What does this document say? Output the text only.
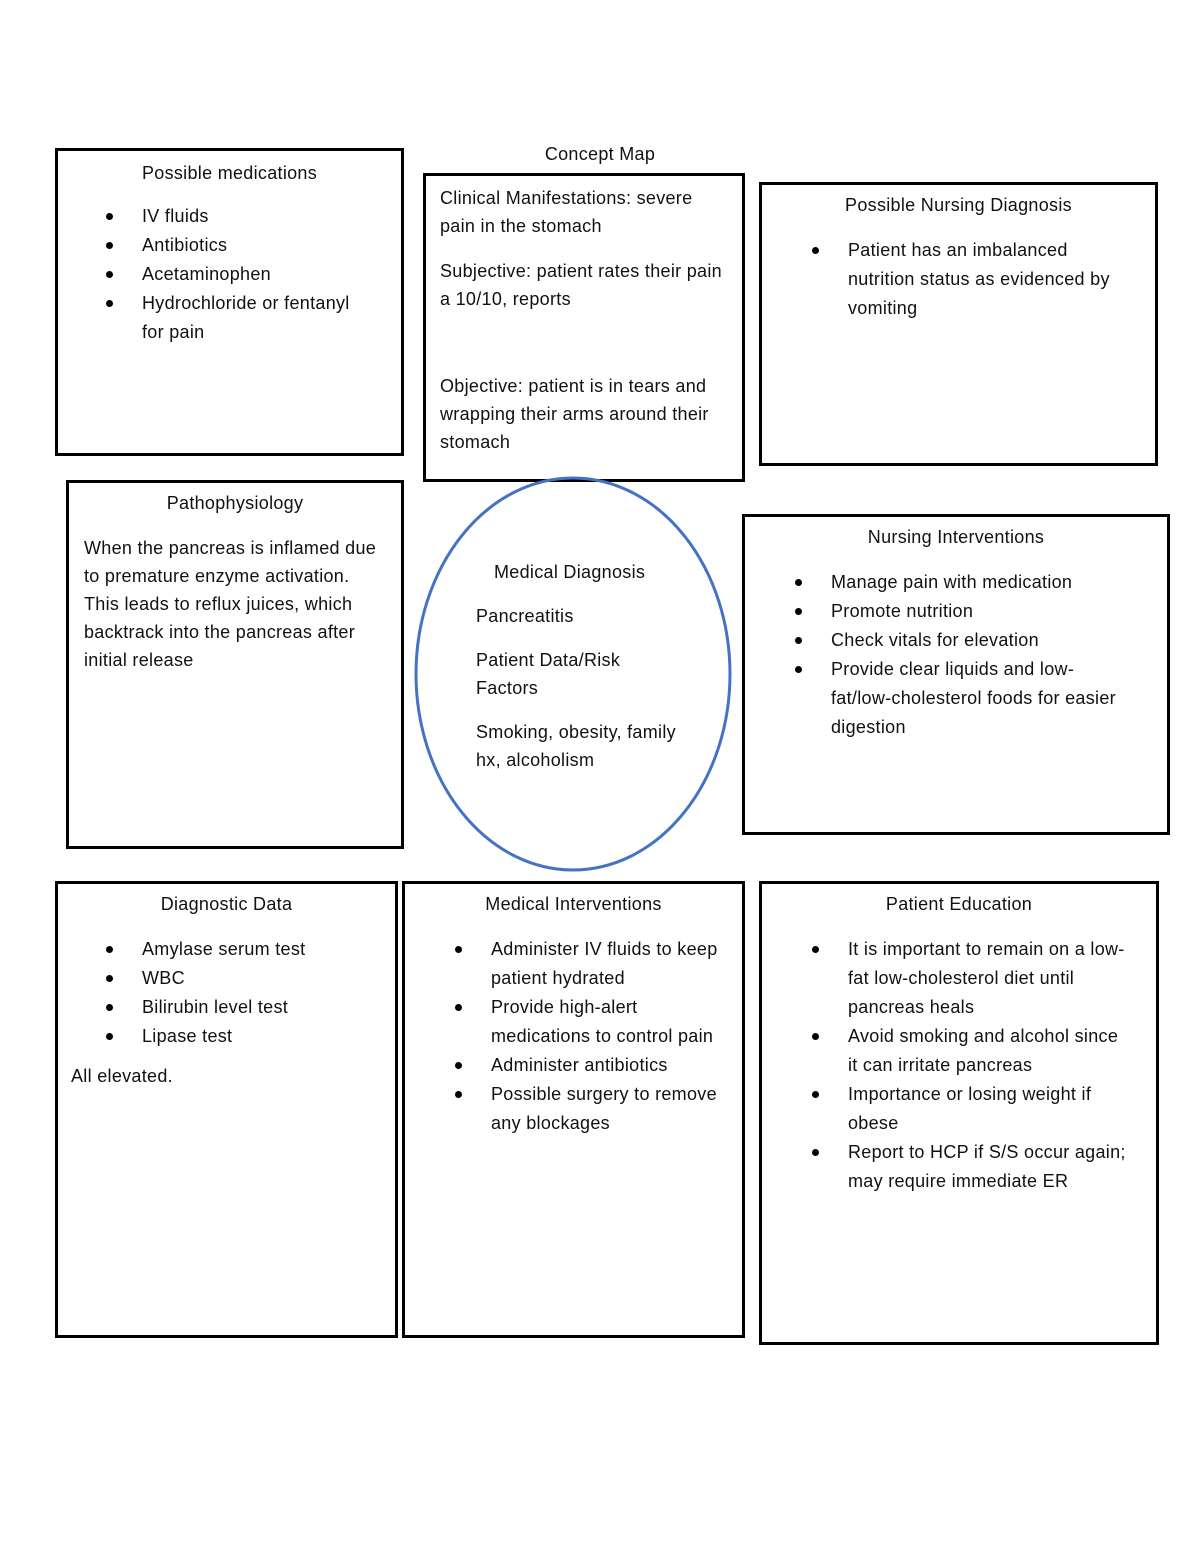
Concept Map

Possible medications

IV fluids
Antibiotics
Acetaminophen
Hydrochloride or fentanyl for pain

Clinical Manifestations: severe pain in the stomach

Subjective: patient rates their pain a 10/10, reports

Objective: patient is in tears and wrapping their arms around their stomach

Possible Nursing Diagnosis

Patient has an imbalanced nutrition status as evidenced by vomiting

Pathophysiology

When the pancreas is inflamed due to premature enzyme activation. This leads to reflux juices, which backtrack into the pancreas after initial release

Medical Diagnosis

Pancreatitis

Patient Data/Risk Factors

Smoking, obesity, family hx, alcoholism

Nursing Interventions

Manage pain with medication
Promote nutrition
Check vitals for elevation
Provide clear liquids and low-fat/low-cholesterol foods for easier digestion

Diagnostic Data

Amylase serum test
WBC
Bilirubin level test
Lipase test

All elevated.

Medical Interventions

Administer IV fluids to keep patient hydrated
Provide high-alert medications to control pain
Administer antibiotics
Possible surgery to remove any blockages

Patient Education

It is important to remain on a low-fat low-cholesterol diet until pancreas heals
Avoid smoking and alcohol since it can irritate pancreas
Importance or losing weight if obese
Report to HCP if S/S occur again; may require immediate ER
